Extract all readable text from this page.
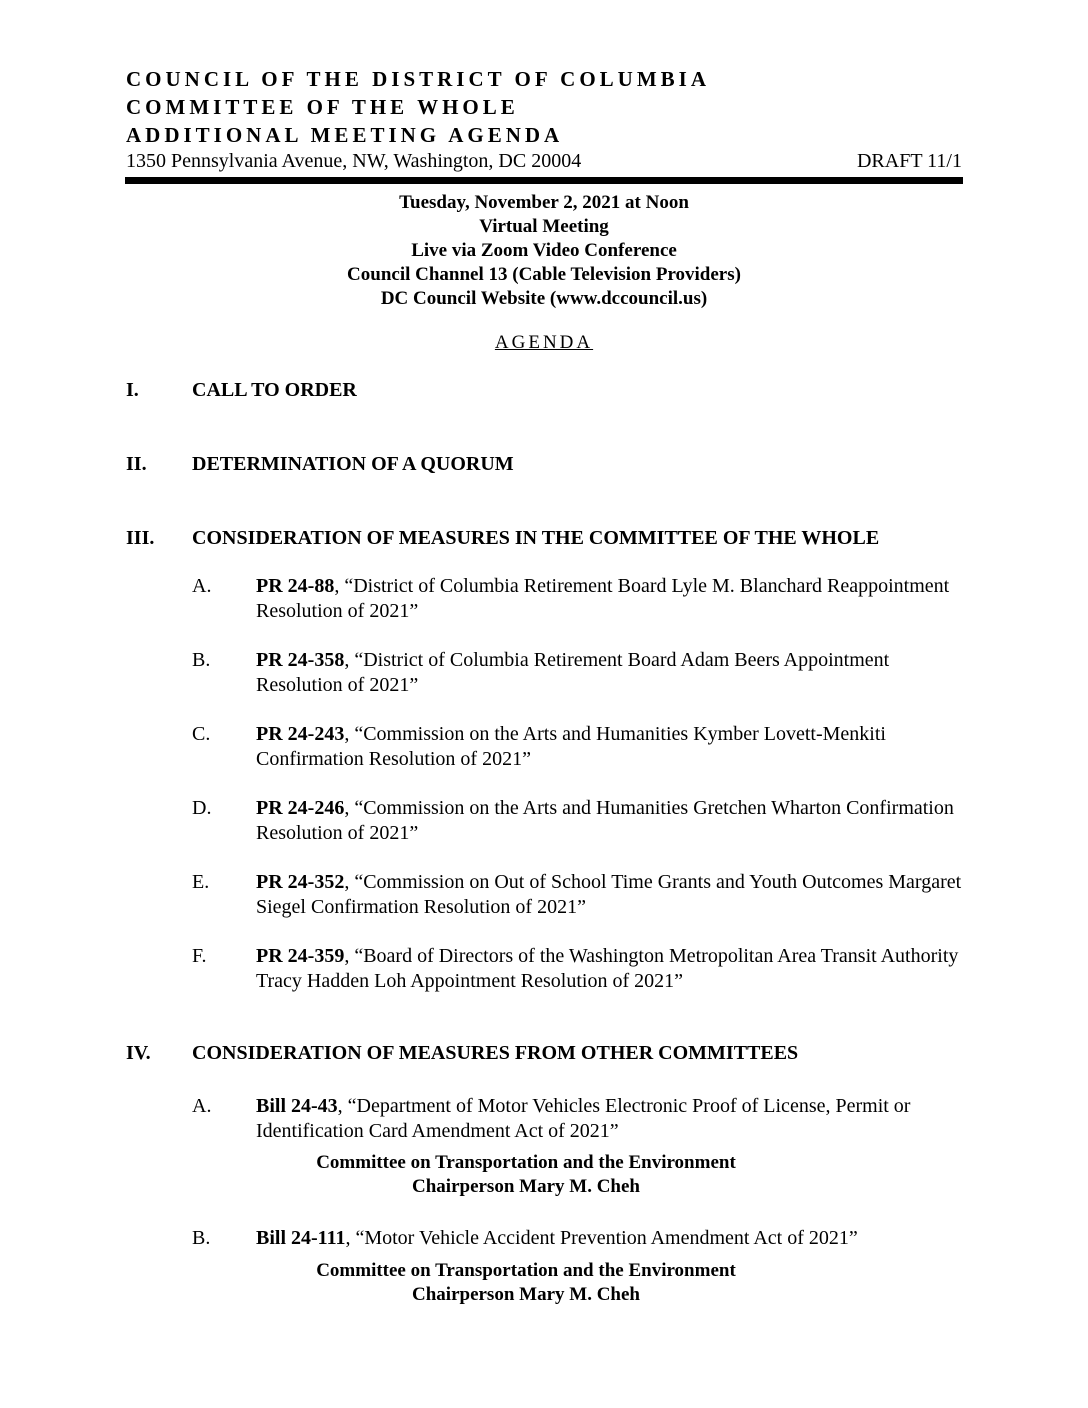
COUNCIL OF THE DISTRICT OF COLUMBIA
COMMITTEE OF THE WHOLE
ADDITIONAL MEETING AGENDA
1350 Pennsylvania Avenue, NW, Washington, DC 20004	DRAFT 11/1
Tuesday, November 2, 2021 at Noon
Virtual Meeting
Live via Zoom Video Conference
Council Channel 13 (Cable Television Providers)
DC Council Website (www.dccouncil.us)
AGENDA
I.	CALL TO ORDER
II. DETERMINATION OF A QUORUM
III. CONSIDERATION OF MEASURES IN THE COMMITTEE OF THE WHOLE
A. PR 24-88, “District of Columbia Retirement Board Lyle M. Blanchard Reappointment Resolution of 2021”
B. PR 24-358, “District of Columbia Retirement Board Adam Beers Appointment Resolution of 2021”
C. PR 24-243, “Commission on the Arts and Humanities Kymber Lovett-Menkiti Confirmation Resolution of 2021”
D. PR 24-246, “Commission on the Arts and Humanities Gretchen Wharton Confirmation Resolution of 2021”
E. PR 24-352, “Commission on Out of School Time Grants and Youth Outcomes Margaret Siegel Confirmation Resolution of 2021”
F. PR 24-359, “Board of Directors of the Washington Metropolitan Area Transit Authority Tracy Hadden Loh Appointment Resolution of 2021”
IV. CONSIDERATION OF MEASURES FROM OTHER COMMITTEES
A. Bill 24-43, “Department of Motor Vehicles Electronic Proof of License, Permit or Identification Card Amendment Act of 2021”
Committee on Transportation and the Environment
Chairperson Mary M. Cheh
B. Bill 24-111, “Motor Vehicle Accident Prevention Amendment Act of 2021”
Committee on Transportation and the Environment
Chairperson Mary M. Cheh
